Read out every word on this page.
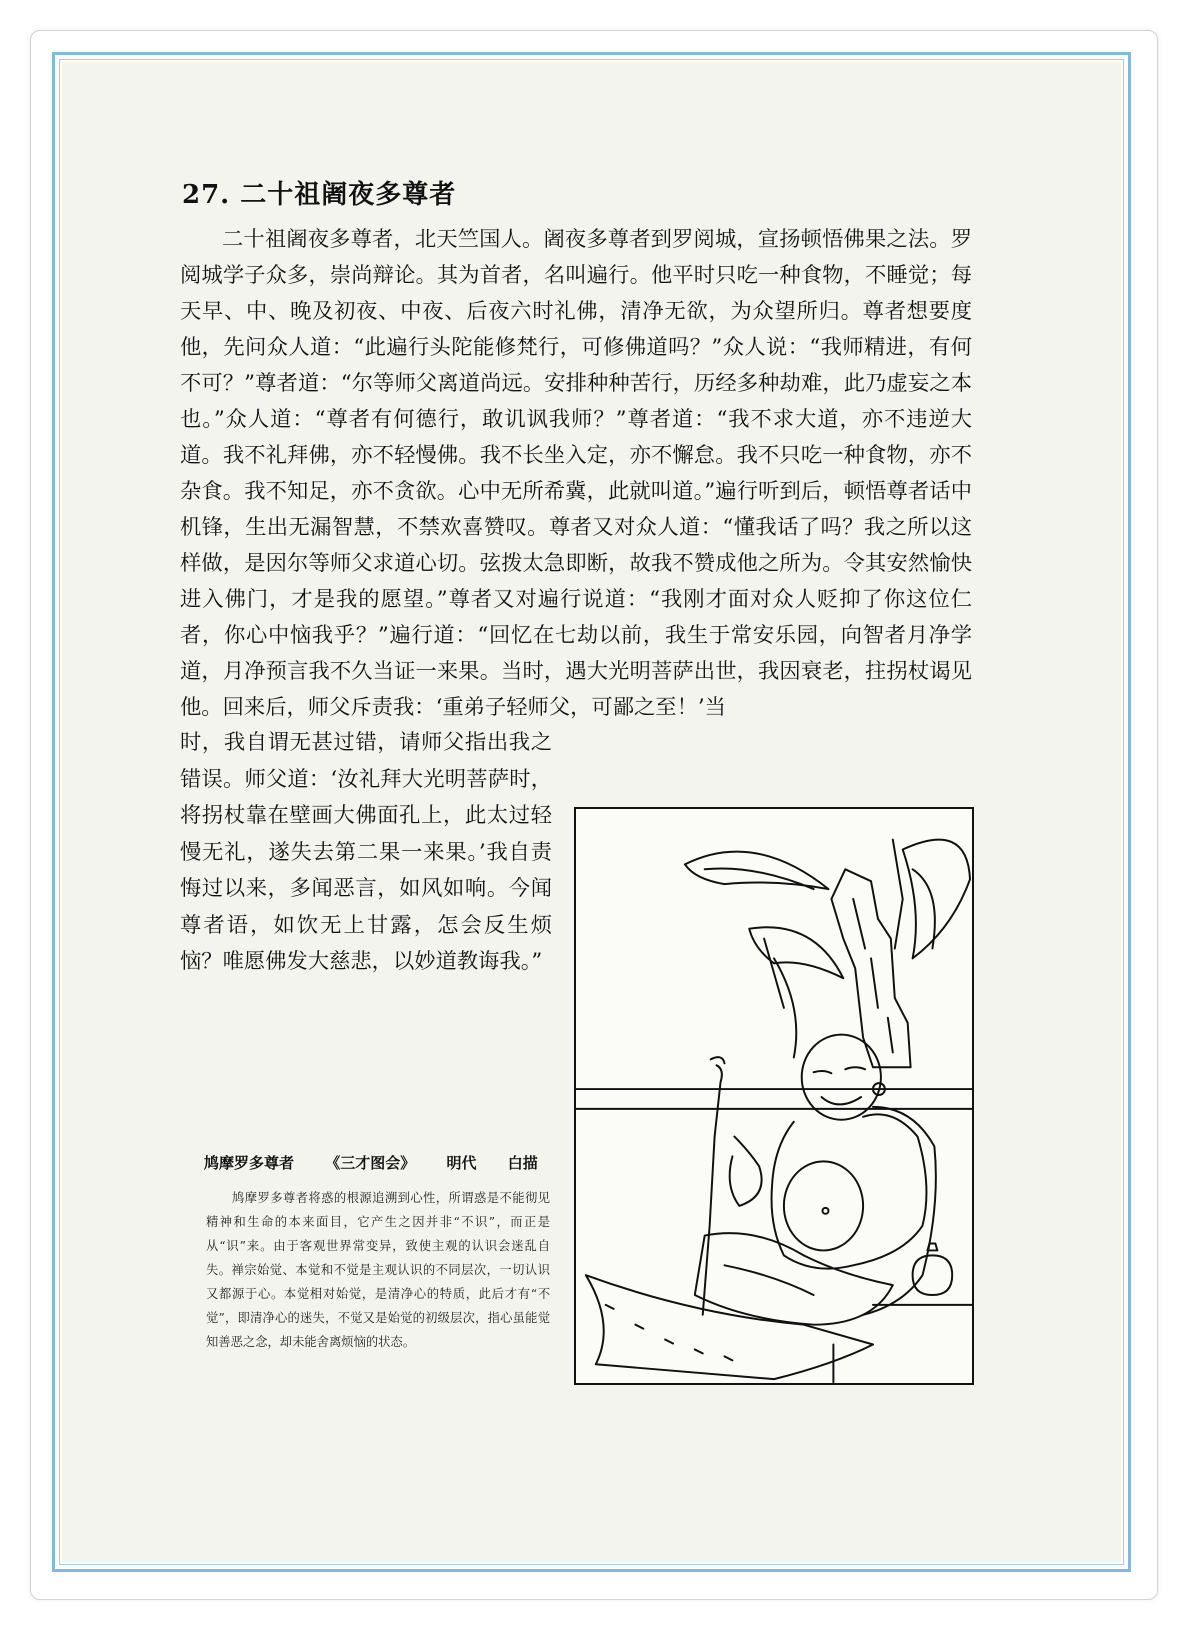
27. 二十祖阇夜多尊者

二十祖阇夜多尊者，北天竺国人。阇夜多尊者到罗阅城，宣扬顿悟佛果之法。罗阅城学子众多，崇尚辩论。其为首者，名叫遍行。他平时只吃一种食物，不睡觉；每天早、中、晚及初夜、中夜、后夜六时礼佛，清净无欲，为众望所归。尊者想要度他，先问众人道：“此遍行头陀能修梵行，可修佛道吗？”众人说：“我师精进，有何不可？”尊者道：“尔等师父离道尚远。安排种种苦行，历经多种劫难，此乃虚妄之本也。”众人道：“尊者有何德行，敢讥讽我师？”尊者道：“我不求大道，亦不违逆大道。我不礼拜佛，亦不轻慢佛。我不长坐入定，亦不懈怠。我不只吃一种食物，亦不杂食。我不知足，亦不贪欲。心中无所希冀，此就叫道。”遍行听到后，顿悟尊者话中机锋，生出无漏智慧，不禁欢喜赞叹。尊者又对众人道：“懂我话了吗？我之所以这样做，是因尔等师父求道心切。弦拨太急即断，故我不赞成他之所为。令其安然愉快进入佛门，才是我的愿望。”尊者又对遍行说道：“我刚才面对众人贬抑了你这位仁者，你心中恼我乎？”遍行道：“回忆在七劫以前，我生于常安乐园，向智者月净学道，月净预言我不久当证一来果。当时，遇大光明菩萨出世，我因衰老，拄拐杖谒见他。回来后，师父斥责我：‘重弟子轻师父，可鄙之至！’当

时，我自谓无甚过错，请师父指出我之错误。师父道：‘汝礼拜大光明菩萨时，将拐杖靠在壁画大佛面孔上，此太过轻慢无礼，遂失去第二果一来果。’我自责悔过以来，多闻恶言，如风如响。今闻尊者语，如饮无上甘露，怎会反生烦恼？唯愿佛发大慈悲，以妙道教诲我。”

鸠摩罗多尊者 《三才图会》 明代 白描

鸠摩罗多尊者将惑的根源追溯到心性，所谓惑是不能彻见精神和生命的本来面目，它产生之因并非“不识”，而正是从“识”来。由于客观世界常变异，致使主观的认识会迷乱自失。禅宗始觉、本觉和不觉是主观认识的不同层次，一切认识又都源于心。本觉相对始觉，是清净心的特质，此后才有“不觉”，即清净心的迷失，不觉又是始觉的初级层次，指心虽能觉知善恶之念，却未能舍离烦恼的状态。
